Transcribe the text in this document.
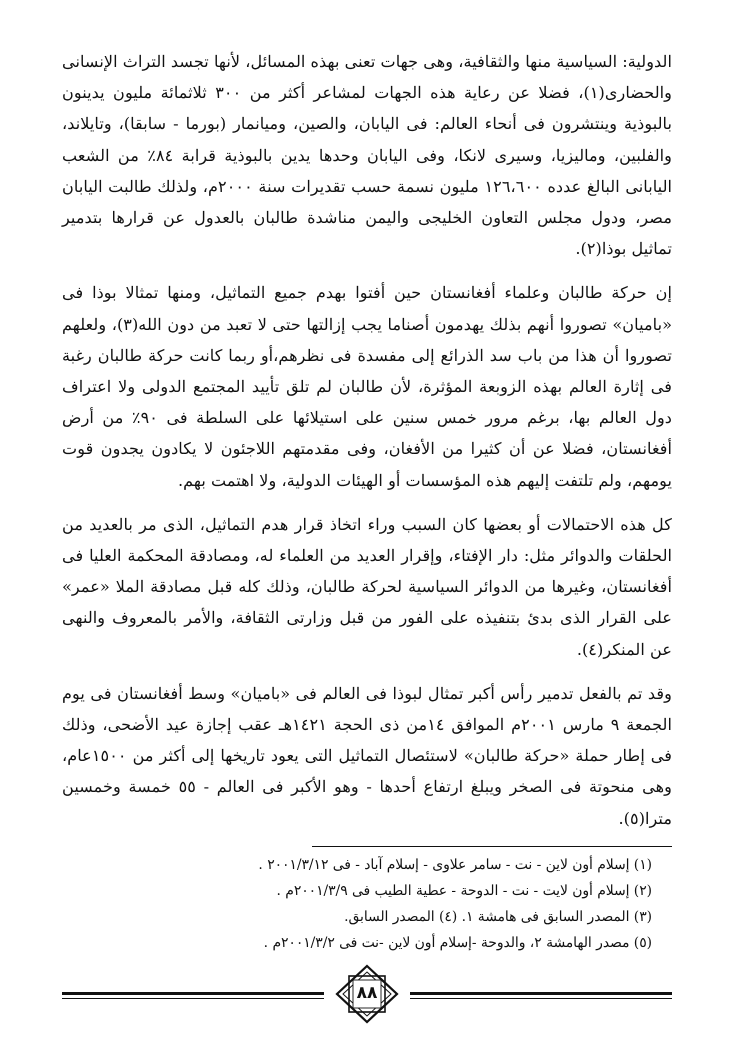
الدولية: السياسية منها والثقافية، وهى جهات تعنى بهذه المسائل، لأنها تجسد التراث الإنسانى والحضارى(١)، فضلا عن رعاية هذه الجهات لمشاعر أكثر من ٣٠٠ ثلاثمائة مليون يدينون بالبوذية وينتشرون فى أنحاء العالم: فى اليابان، والصين، وميانمار (بورما - سابقا)، وتايلاند، والفلبين، وماليزيا، وسيرى لانكا، وفى اليابان وحدها يدين بالبوذية قرابة ٨٤٪ من الشعب اليابانى البالغ عدده ١٢٦،٦٠٠ مليون نسمة حسب تقديرات سنة ٢٠٠٠م، ولذلك طالبت اليابان مصر، ودول مجلس التعاون الخليجى واليمن مناشدة طالبان بالعدول عن قرارها بتدمير تماثيل بوذا(٢).

إن حركة طالبان وعلماء أفغانستان حين أفتوا بهدم جميع التماثيل، ومنها تمثالا بوذا فى «باميان» تصوروا أنهم بذلك يهدمون أصناما يجب إزالتها حتى لا تعبد من دون الله(٣)، ولعلهم تصوروا أن هذا من باب سد الذرائع إلى مفسدة فى نظرهم،أو ربما كانت حركة طالبان رغبة فى إثارة العالم بهذه الزوبعة المؤثرة، لأن طالبان لم تلق تأييد المجتمع الدولى ولا اعتراف دول العالم بها، برغم مرور خمس سنين على استيلائها على السلطة فى ٩٠٪ من أرض أفغانستان، فضلا عن أن كثيرا من الأفغان، وفى مقدمتهم اللاجئون لا يكادون يجدون قوت يومهم، ولم تلتفت إليهم هذه المؤسسات أو الهيئات الدولية، ولا اهتمت بهم.

كل هذه الاحتمالات أو بعضها كان السبب وراء اتخاذ قرار هدم التماثيل، الذى مر بالعديد من الحلقات والدوائر مثل: دار الإفتاء، وإقرار العديد من العلماء له، ومصادقة المحكمة العليا فى أفغانستان، وغيرها من الدوائر السياسية لحركة طالبان، وذلك كله قبل مصادقة الملا «عمر» على القرار الذى بدئ بتنفيذه على الفور من قبل وزارتى الثقافة، والأمر بالمعروف والنهى عن المنكر(٤).

وقد تم بالفعل تدمير رأس أكبر تمثال لبوذا فى العالم فى «باميان» وسط أفغانستان فى يوم الجمعة ٩ مارس ٢٠٠١م الموافق ١٤من ذى الحجة ١٤٢١هـ عقب إجازة عيد الأضحى، وذلك فى إطار حملة «حركة طالبان» لاستئصال التماثيل التى يعود تاريخها إلى أكثر من ١٥٠٠عام، وهى منحوتة فى الصخر ويبلغ ارتفاع أحدها - وهو الأكبر فى العالم - ٥٥ خمسة وخمسين مترا(٥).

(١) إسلام أون لاين - نت - سامر علاوى - إسلام آباد - فى ٢٠٠١/٣/١٢ .

(٢) إسلام أون لايت - نت - الدوحة - عطية الطيب فى ٢٠٠١/٣/٩م .

(٣) المصدر السابق فى هامشة ١. (٤) المصدر السابق.

(٥) مصدر الهامشة ٢، والدوحة -إسلام أون لاين -نت فى ٢٠٠١/٣/٢م .

٨٨
